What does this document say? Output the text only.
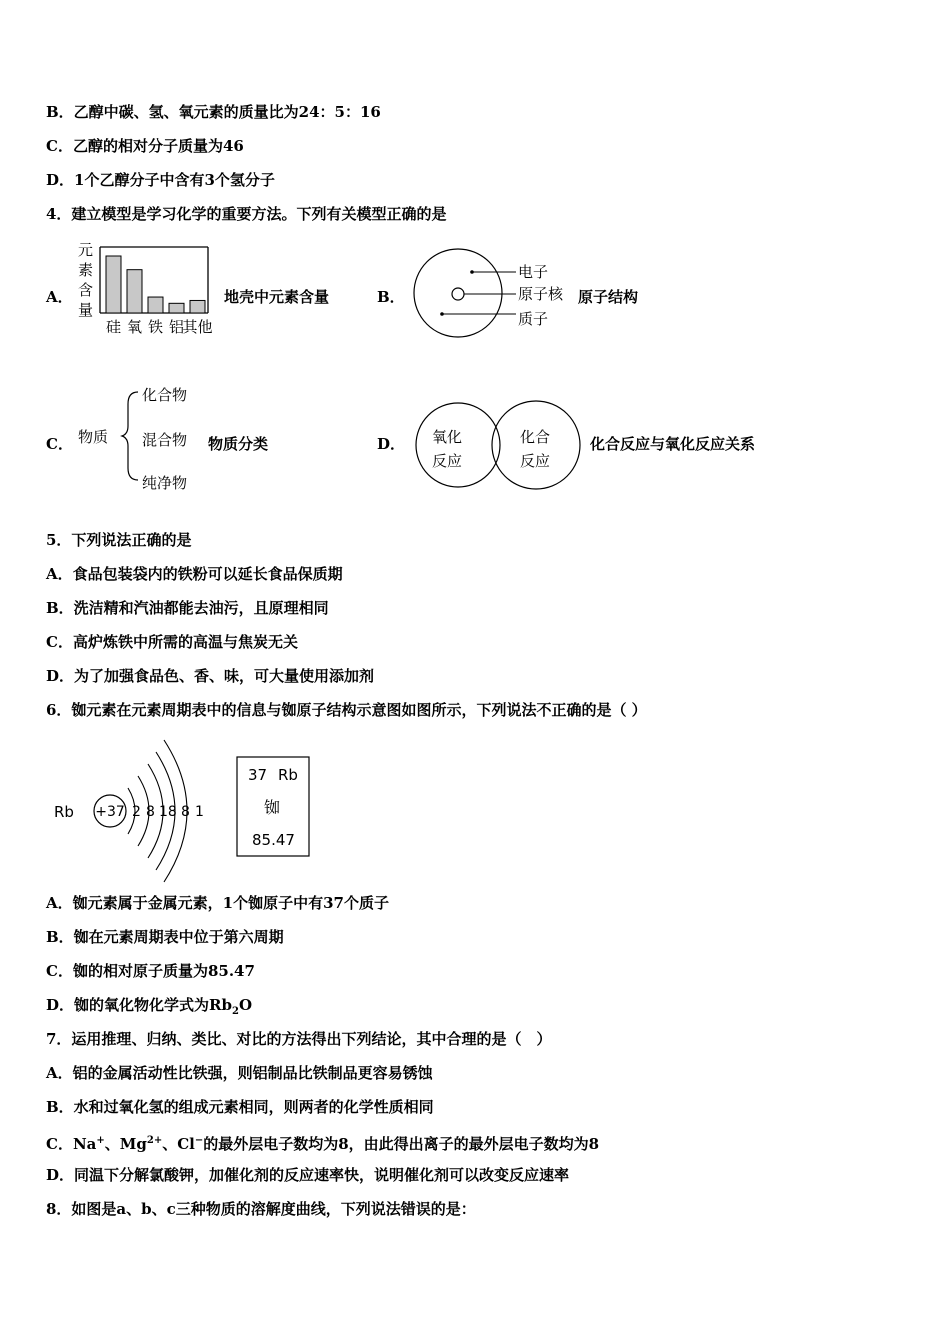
B．乙醇中碳、氢、氧元素的质量比为24：5：16
C．乙醇的相对分子质量为46
D．1个乙醇分子中含有3个氢分子
4．建立模型是学习化学的重要方法。下列有关模型正确的是
A．
元
素
含
量
硅 氧 铁 铝
其他
地壳中元素含量	B．
电子
原子核
质子
原子结构
C． 物质
化合物
混合物
纯净物
物质分类	D． 氧化
反应
化合
反应
化合反应与氧化反应关系
5．下列说法正确的是
A．食品包装袋内的铁粉可以延长食品保质期
B．洗洁精和汽油都能去油污，且原理相同
C．高炉炼铁中所需的高温与焦炭无关
D．为了加强食品色、香、味，可大量使用添加剂
6．铷元素在元素周期表中的信息与铷原子结构示意图如图所示，下列说法不正确的是（ ）
Rb +37 2 8 18 8 1
37 Rb
铷
85.47
A．铷元素属于金属元素，1个铷原子中有37个质子
B．铷在元素周期表中位于第六周期
C．铷的相对原子质量为85.47
D．铷的氧化物化学式为$Rb_2O$
7．运用推理、归纳、类比、对比的方法得出下列结论，其中合理的是（　）
A．铝的金属活动性比铁强，则铝制品比铁制品更容易锈蚀
B．水和过氧化氢的组成元素相同，则两者的化学性质相同
C．Na+、$Mg^{2+}$、Cl−的最外层电子数均为8，由此得出离子的最外层电子数均为8
D．同温下分解氯酸钾，加催化剂的反应速率快，说明催化剂可以改变反应速率
8．如图是a、b、c三种物质的溶解度曲线，下列说法错误的是：
